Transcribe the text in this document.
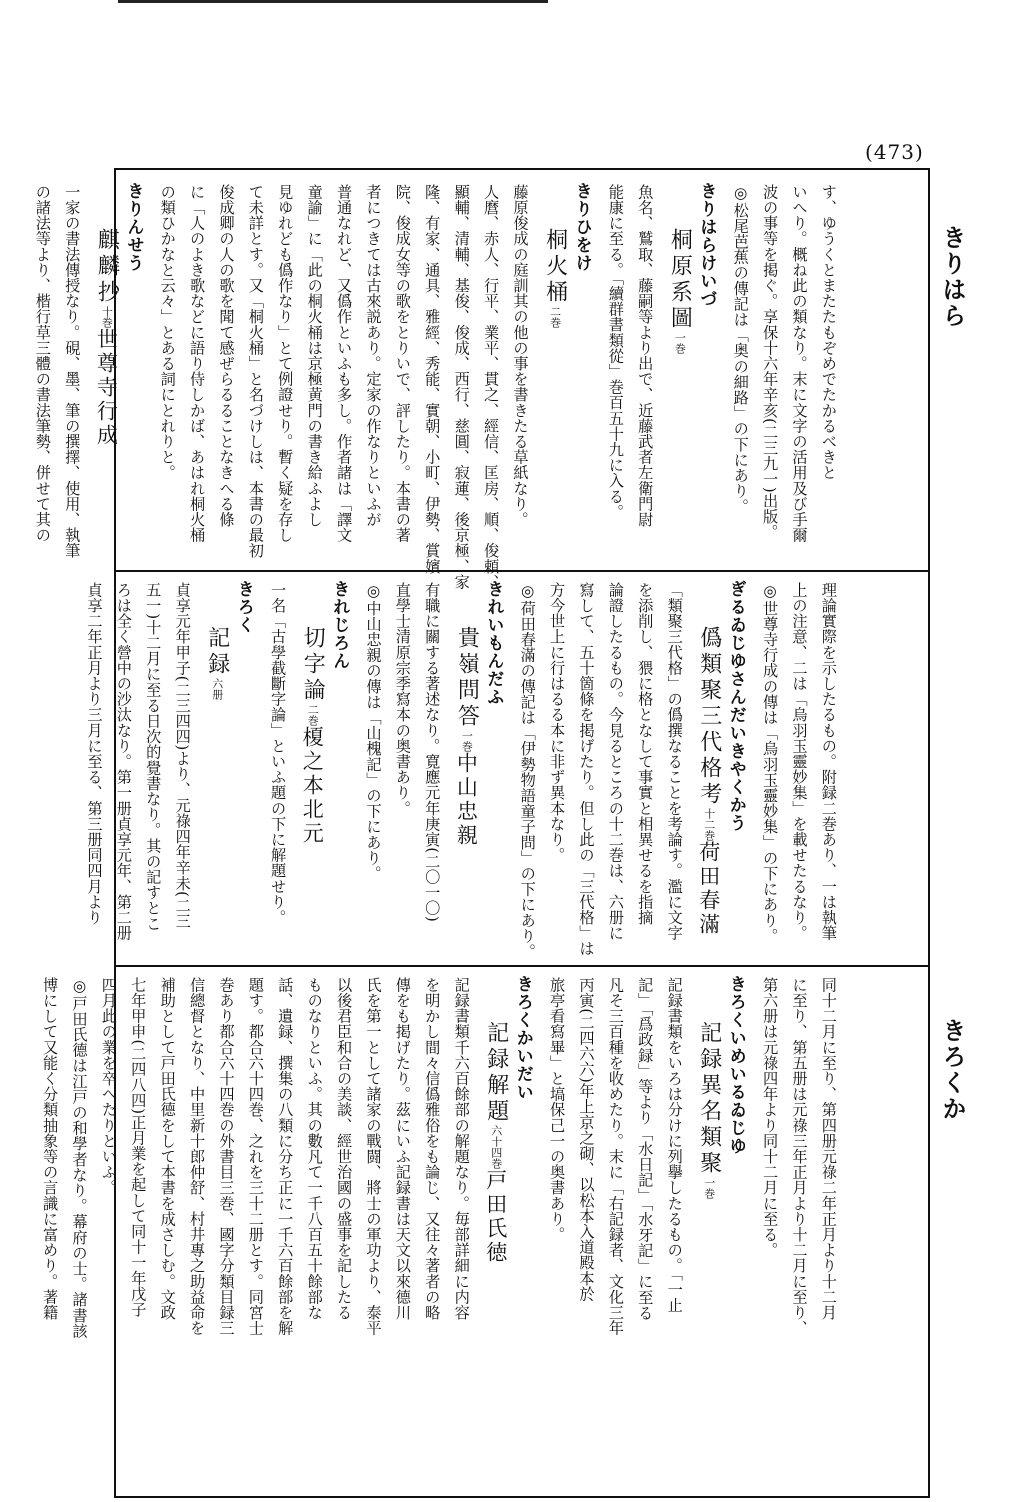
(473)
きりはら
きろくか
す、ゆうくとまたたもぞめでたかるべきと
いへり。概ね此の類なり。末に文字の活用及び手爾
波の事等を掲ぐ。享保十六年辛亥(二三九一)出版。
◎松尾芭蕉の傳記は「奥の細路」の下にあり。
きりはらけいづ
桐原系圖一巻
魚名、鷲取、藤嗣等より出で、近藤武者左衛門尉
能康に至る。「續群書類從」巻百五十九に入る。
きりひをけ
桐火桶二巻
藤原俊成の庭訓其の他の事を書きたる草紙なり。
人麿、赤人、行平、業平、貫之、經信、匡房、順、俊頼、
顯輔、清輔、基俊、俊成、西行、慈圓、寂蓮、後京極、家
隆、有家、通具、雅經、秀能、實朝、小町、伊勢、賞嬪
院、俊成女等の歌をとりいで、評したり。本書の著
者につきては古來説あり。定家の作なりといふが
普通なれど、又僞作といふも多し。作者諸は「譯文
童諭」に「此の桐火桶は京極黄門の書き給ふよし
見ゆれども僞作なり」とて例證せり。暫く疑を存し
て未詳とす。又「桐火桶」と名づけしは、本書の最初
俊成卿の人の歌を聞て感ぜらるることなきへる條
に「人のよき歌などに語り侍しかば、あはれ桐火桶
の類ひかなと云々」とある詞にとれりと。
きりんせう
麒麟抄十巻世尊寺行成
一家の書法傳授なり。硯、墨、筆の撰擇、使用、執筆
の諸法等より、楷行草三體の書法筆勢、併せて其の
理論實際を示したるもの。附録二巻あり、一は執筆
上の注意、二は「烏羽玉靈妙集」を載せたるなり。
◎世尊寺行成の傳は「烏羽玉靈妙集」の下にあり。
ぎるゐじゆさんだいきやくかう
僞類聚三代格考十二巻荷田春滿
「類聚三代格」の僞撰なることを考論す。濫に文字
を添削し、猥に格となして事實と相異せるを指摘
論證したるもの。今見るところの十二巻は、六册に
寫して、五十箇條を掲げたり。但し此の「三代格」は
方今世上に行はるる本に非ず異本なり。
◎荷田春滿の傳記は「伊勢物語童子問」の下にあり。
きれいもんだふ
貴嶺問答一巻中山忠親
有職に關する著述なり。寛應元年庚寅(二〇一〇)
直學士清原宗季寫本の奥書あり。
◎中山忠親の傳は「山槐記」の下にあり。
きれじろん
切字論二巻榎之本北元
一名「古學截斷字論」といふ題の下に解題せり。
きろく
記録六册
貞享元年甲子(二三四四)より、元祿四年辛未(二三
五一)十二月に至る日次的覺書なり。其の記すとこ
ろは全く營中の沙汰なり。第一册貞享元年、第二册
貞享二年正月より三月に至る、第三册同四月より
同十二月に至り、第四册元祿二年正月より十二月
に至り、第五册は元祿三年正月より十二月に至り、
第六册は元祿四年より同十二月に至る。
きろくいめいるゐじゆ
記録異名類聚一巻
記録書類をいろは分けに列擧したるもの。「一止
記」「爲政録」等より「水日記」「水牙記」に至る
凡そ三百種を收めたり。末に「右記録者、文化三年
丙寅(二四六六)年上京之砌、以松本入道殿本於
旅亭看寫畢」と塙保己一の奥書あり。
きろくかいだい
記録解題六十四巻戸田氏徳
記録書類千六百餘部の解題なり。毎部詳細に内容
を明かし間々信僞雅俗をも論じ、又往々著者の略
傳をも掲げたり。茲にいふ記録書は天文以來德川
氏を第一として諸家の戰闘、將士の軍功より、泰平
以後君臣和合の美談、經世治國の盛事を記したる
ものなりといふ。其の數凡て一千八百五十餘部な
話、遺録、撰集の八類に分ち正に一千六百餘部を解
題す。都合六十四巻、之れを三十二册とす。同宮士
巻あり都合六十四巻の外書目三巻、國字分類目録三
信總督となり、中里新十郎仲舒、村井專之助益命を
補助として戸田氏德をして本書を成さしむ。文政
七年甲申(二四八四)正月業を起して同十一年戊子
四月此の業を卒へたりといふ。
◎戸田氏德は江戸の和學者なり。幕府の士。諸書該
博にして又能く分類抽象等の言識に富めり。著籍
